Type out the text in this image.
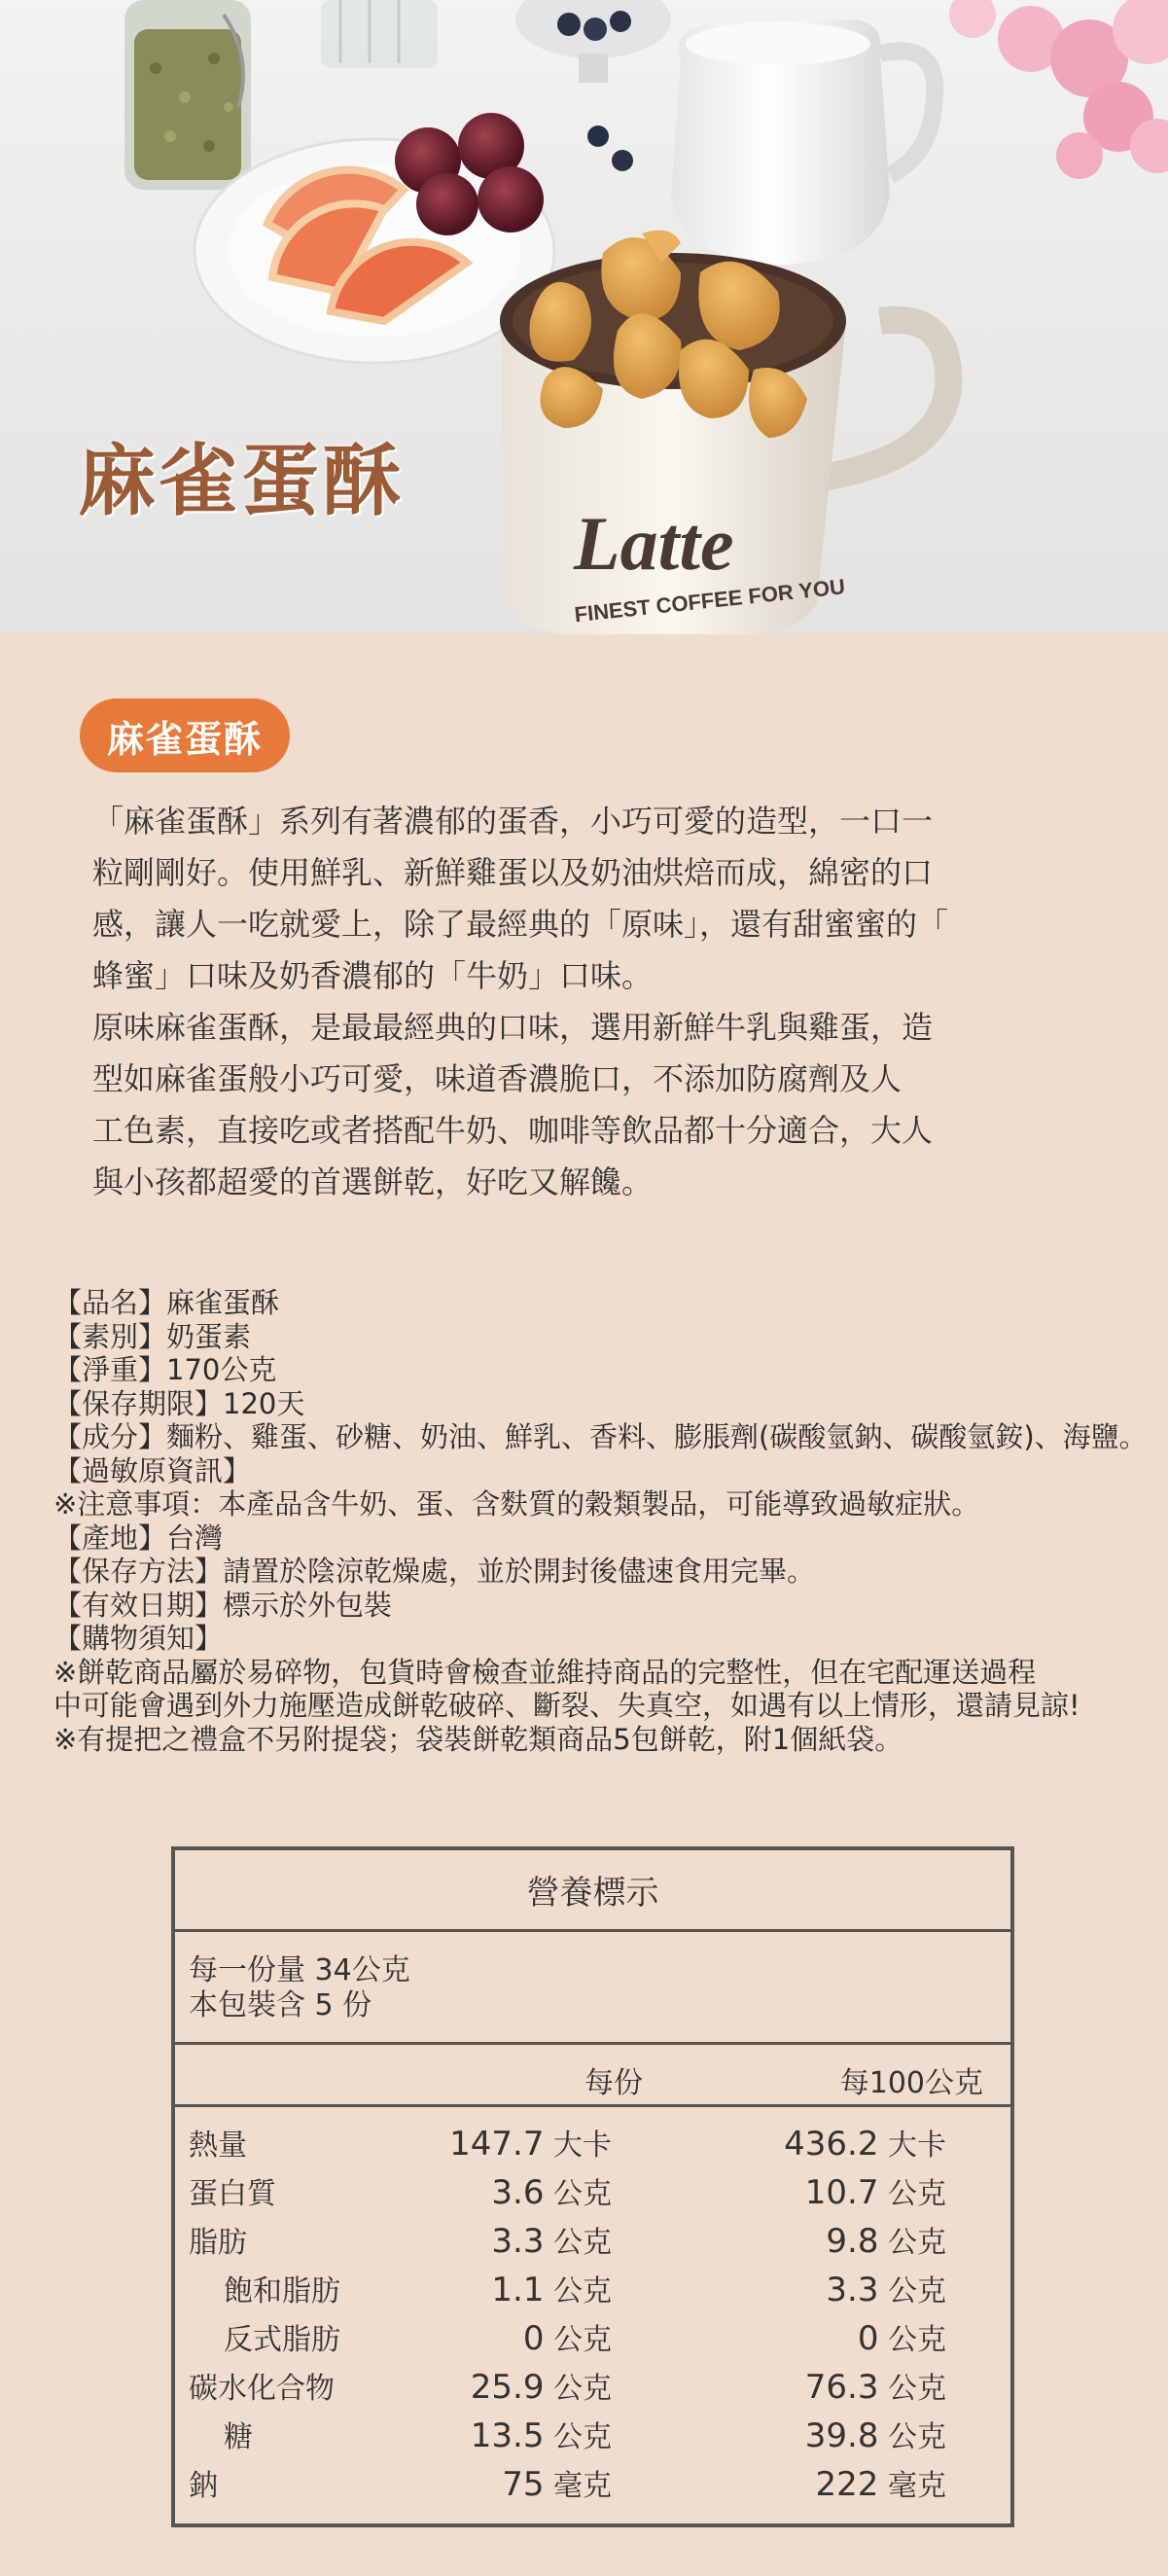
Latte
FINEST COFFEE FOR YOU
麻雀蛋酥
麻雀蛋酥

「麻雀蛋酥」系列有著濃郁的蛋香，小巧可愛的造型，一口一

粒剛剛好。使用鮮乳、新鮮雞蛋以及奶油烘焙而成，綿密的口

感，讓人一吃就愛上，除了最經典的「原味」，還有甜蜜蜜的「

蜂蜜」口味及奶香濃郁的「牛奶」口味。

原味麻雀蛋酥，是最最經典的口味，選用新鮮牛乳與雞蛋，造

型如麻雀蛋般小巧可愛，味道香濃脆口，不添加防腐劑及人

工色素，直接吃或者搭配牛奶、咖啡等飲品都十分適合，大人

與小孩都超愛的首選餅乾，好吃又解饞。

【品名】麻雀蛋酥
【素別】奶蛋素
【淨重】170公克
【保存期限】120天
【成分】麵粉、雞蛋、砂糖、奶油、鮮乳、香料、膨脹劑(碳酸氫鈉、碳酸氫銨)、海鹽。
【過敏原資訊】
※注意事項：本產品含牛奶、蛋、含麩質的穀類製品，可能導致過敏症狀。
【產地】台灣
【保存方法】請置於陰涼乾燥處，並於開封後儘速食用完畢。
【有效日期】標示於外包裝
【購物須知】
※餅乾商品屬於易碎物，包貨時會檢查並維持商品的完整性，但在宅配運送過程
中可能會遇到外力施壓造成餅乾破碎、斷裂、失真空，如遇有以上情形，還請見諒!
※有提把之禮盒不另附提袋；袋裝餅乾類商品5包餅乾，附1個紙袋。
營養標示
每一份量 34公克
本包裝含 5 份
每份	每100公克
熱量	147.7 大卡	436.2 大卡
蛋白質	3.6 公克	10.7 公克
脂肪	3.3 公克	9.8 公克
飽和脂肪	1.1 公克	3.3 公克
反式脂肪	0 公克	0 公克
碳水化合物	25.9 公克	76.3 公克
糖	13.5 公克	39.8 公克
鈉	75 毫克	222 毫克
